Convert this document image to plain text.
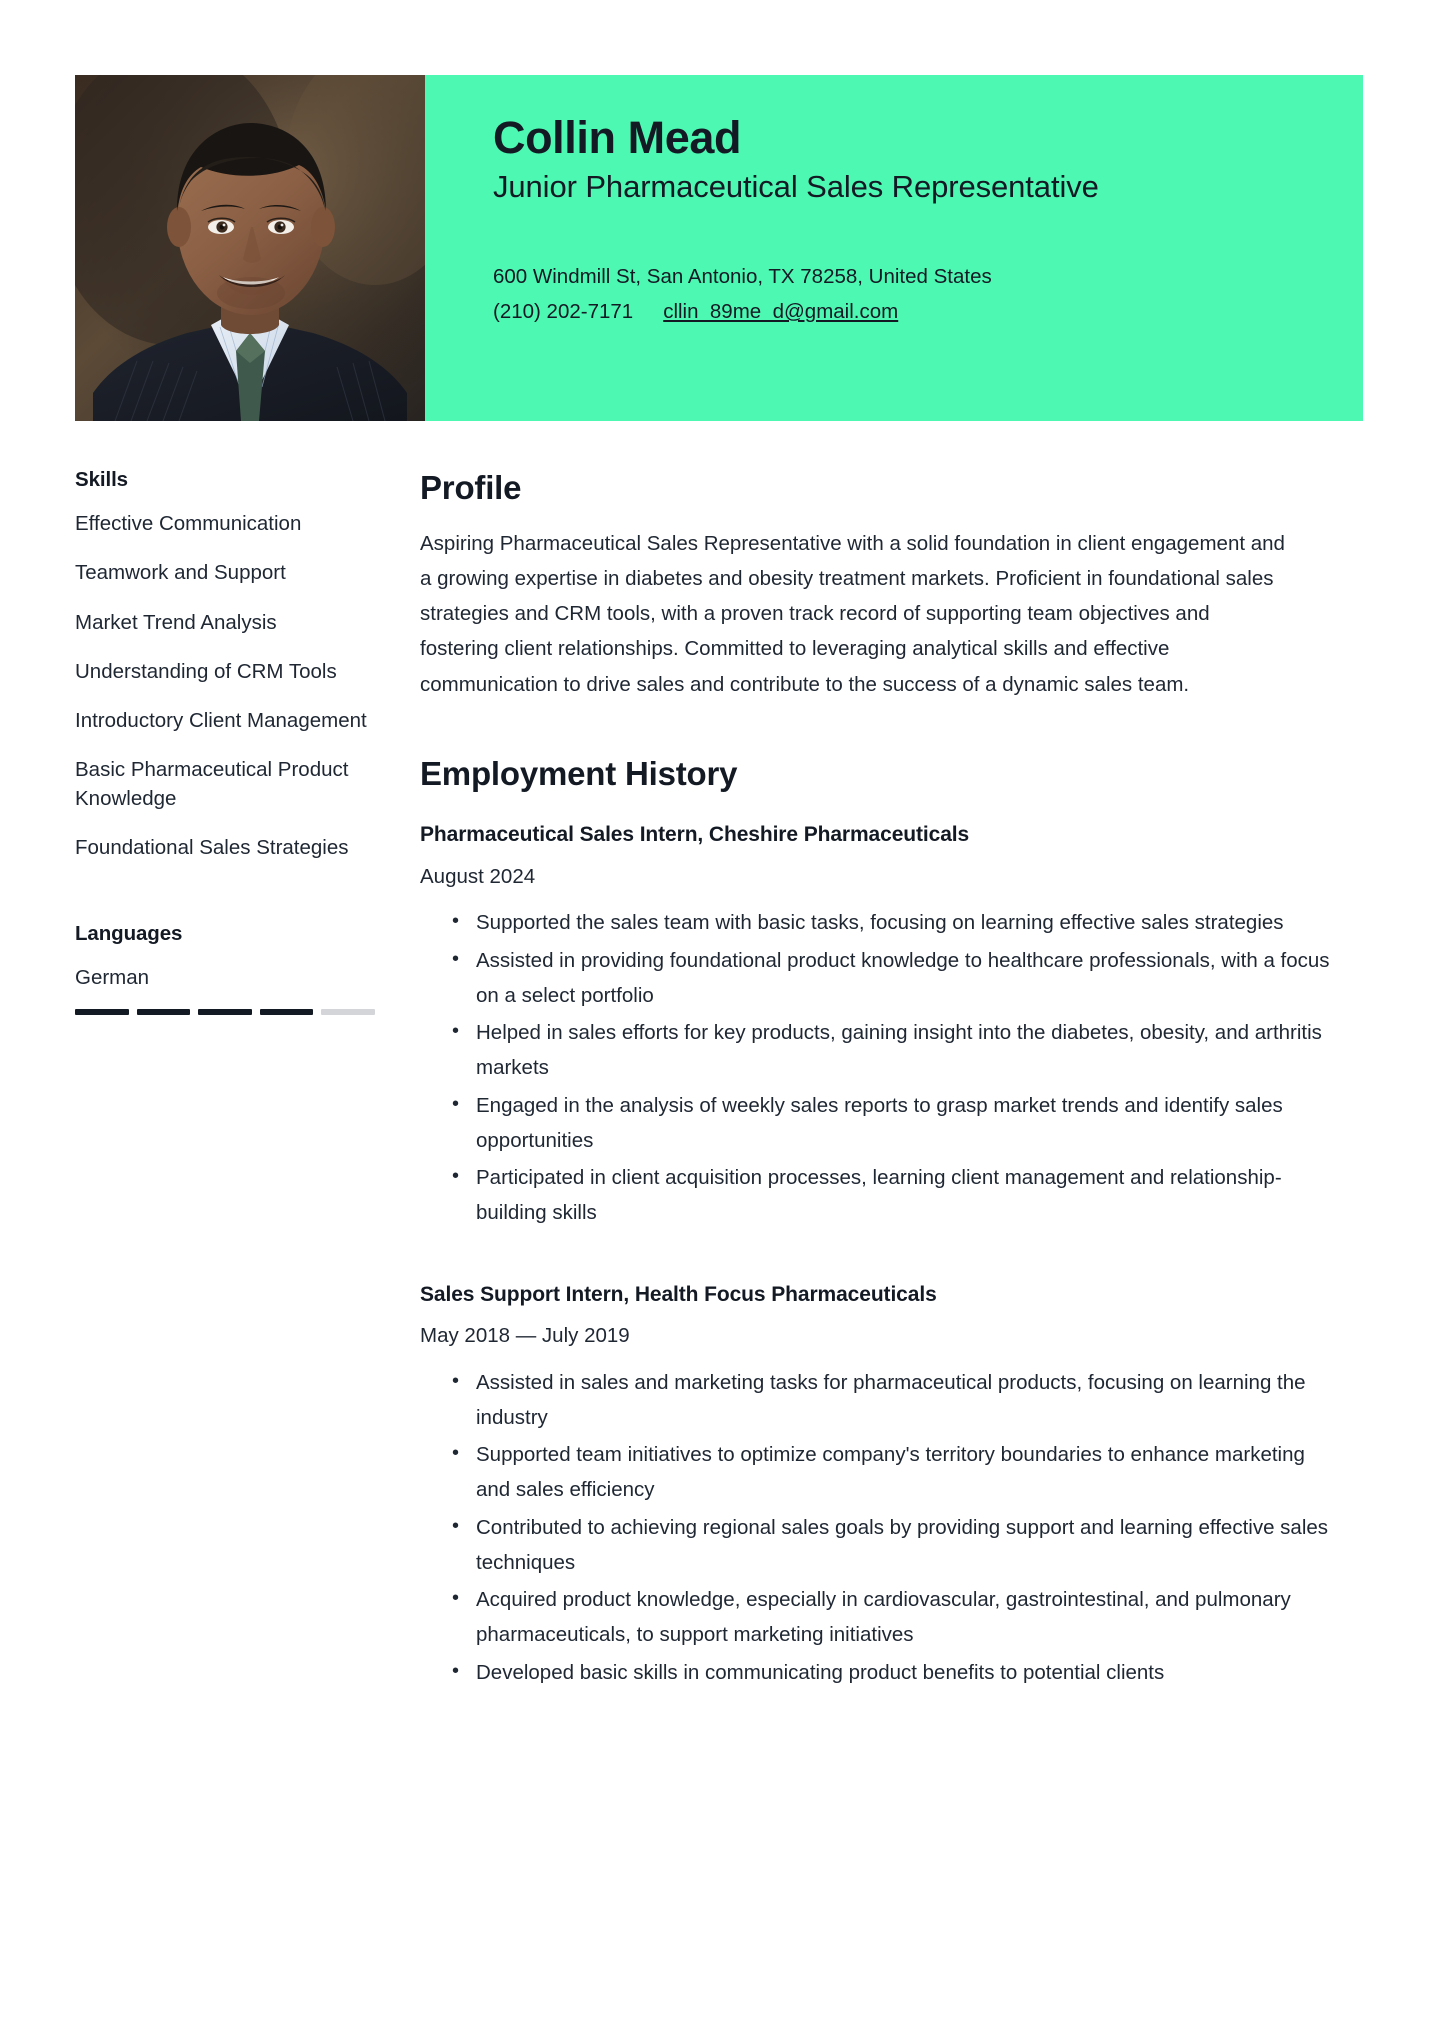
Collin Mead
Junior Pharmaceutical Sales Representative
600 Windmill St, San Antonio, TX 78258, United States
(210) 202-7171 cllin_89me_d@gmail.com
Skills
Effective Communication
Teamwork and Support
Market Trend Analysis
Understanding of CRM Tools
Introductory Client Management
Basic Pharmaceutical Product Knowledge
Foundational Sales Strategies
Languages
German
Profile

Aspiring Pharmaceutical Sales Representative with a solid foundation in client engagement and a growing expertise in diabetes and obesity treatment markets. Proficient in foundational sales strategies and CRM tools, with a proven track record of supporting team objectives and fostering client relationships. Committed to leveraging analytical skills and effective communication to drive sales and contribute to the success of a dynamic sales team.

Employment History
Pharmaceutical Sales Intern, Cheshire Pharmaceuticals
August 2024
• Supported the sales team with basic tasks, focusing on learning effective sales strategies
• Assisted in providing foundational product knowledge to healthcare professionals, with a focus on a select portfolio
• Helped in sales efforts for key products, gaining insight into the diabetes, obesity, and arthritis markets
• Engaged in the analysis of weekly sales reports to grasp market trends and identify sales opportunities
• Participated in client acquisition processes, learning client management and relationship-building skills
Sales Support Intern, Health Focus Pharmaceuticals
May 2018 — July 2019
• Assisted in sales and marketing tasks for pharmaceutical products, focusing on learning the industry
• Supported team initiatives to optimize company's territory boundaries to enhance marketing and sales efficiency
• Contributed to achieving regional sales goals by providing support and learning effective sales techniques
• Acquired product knowledge, especially in cardiovascular, gastrointestinal, and pulmonary pharmaceuticals, to support marketing initiatives
• Developed basic skills in communicating product benefits to potential clients
